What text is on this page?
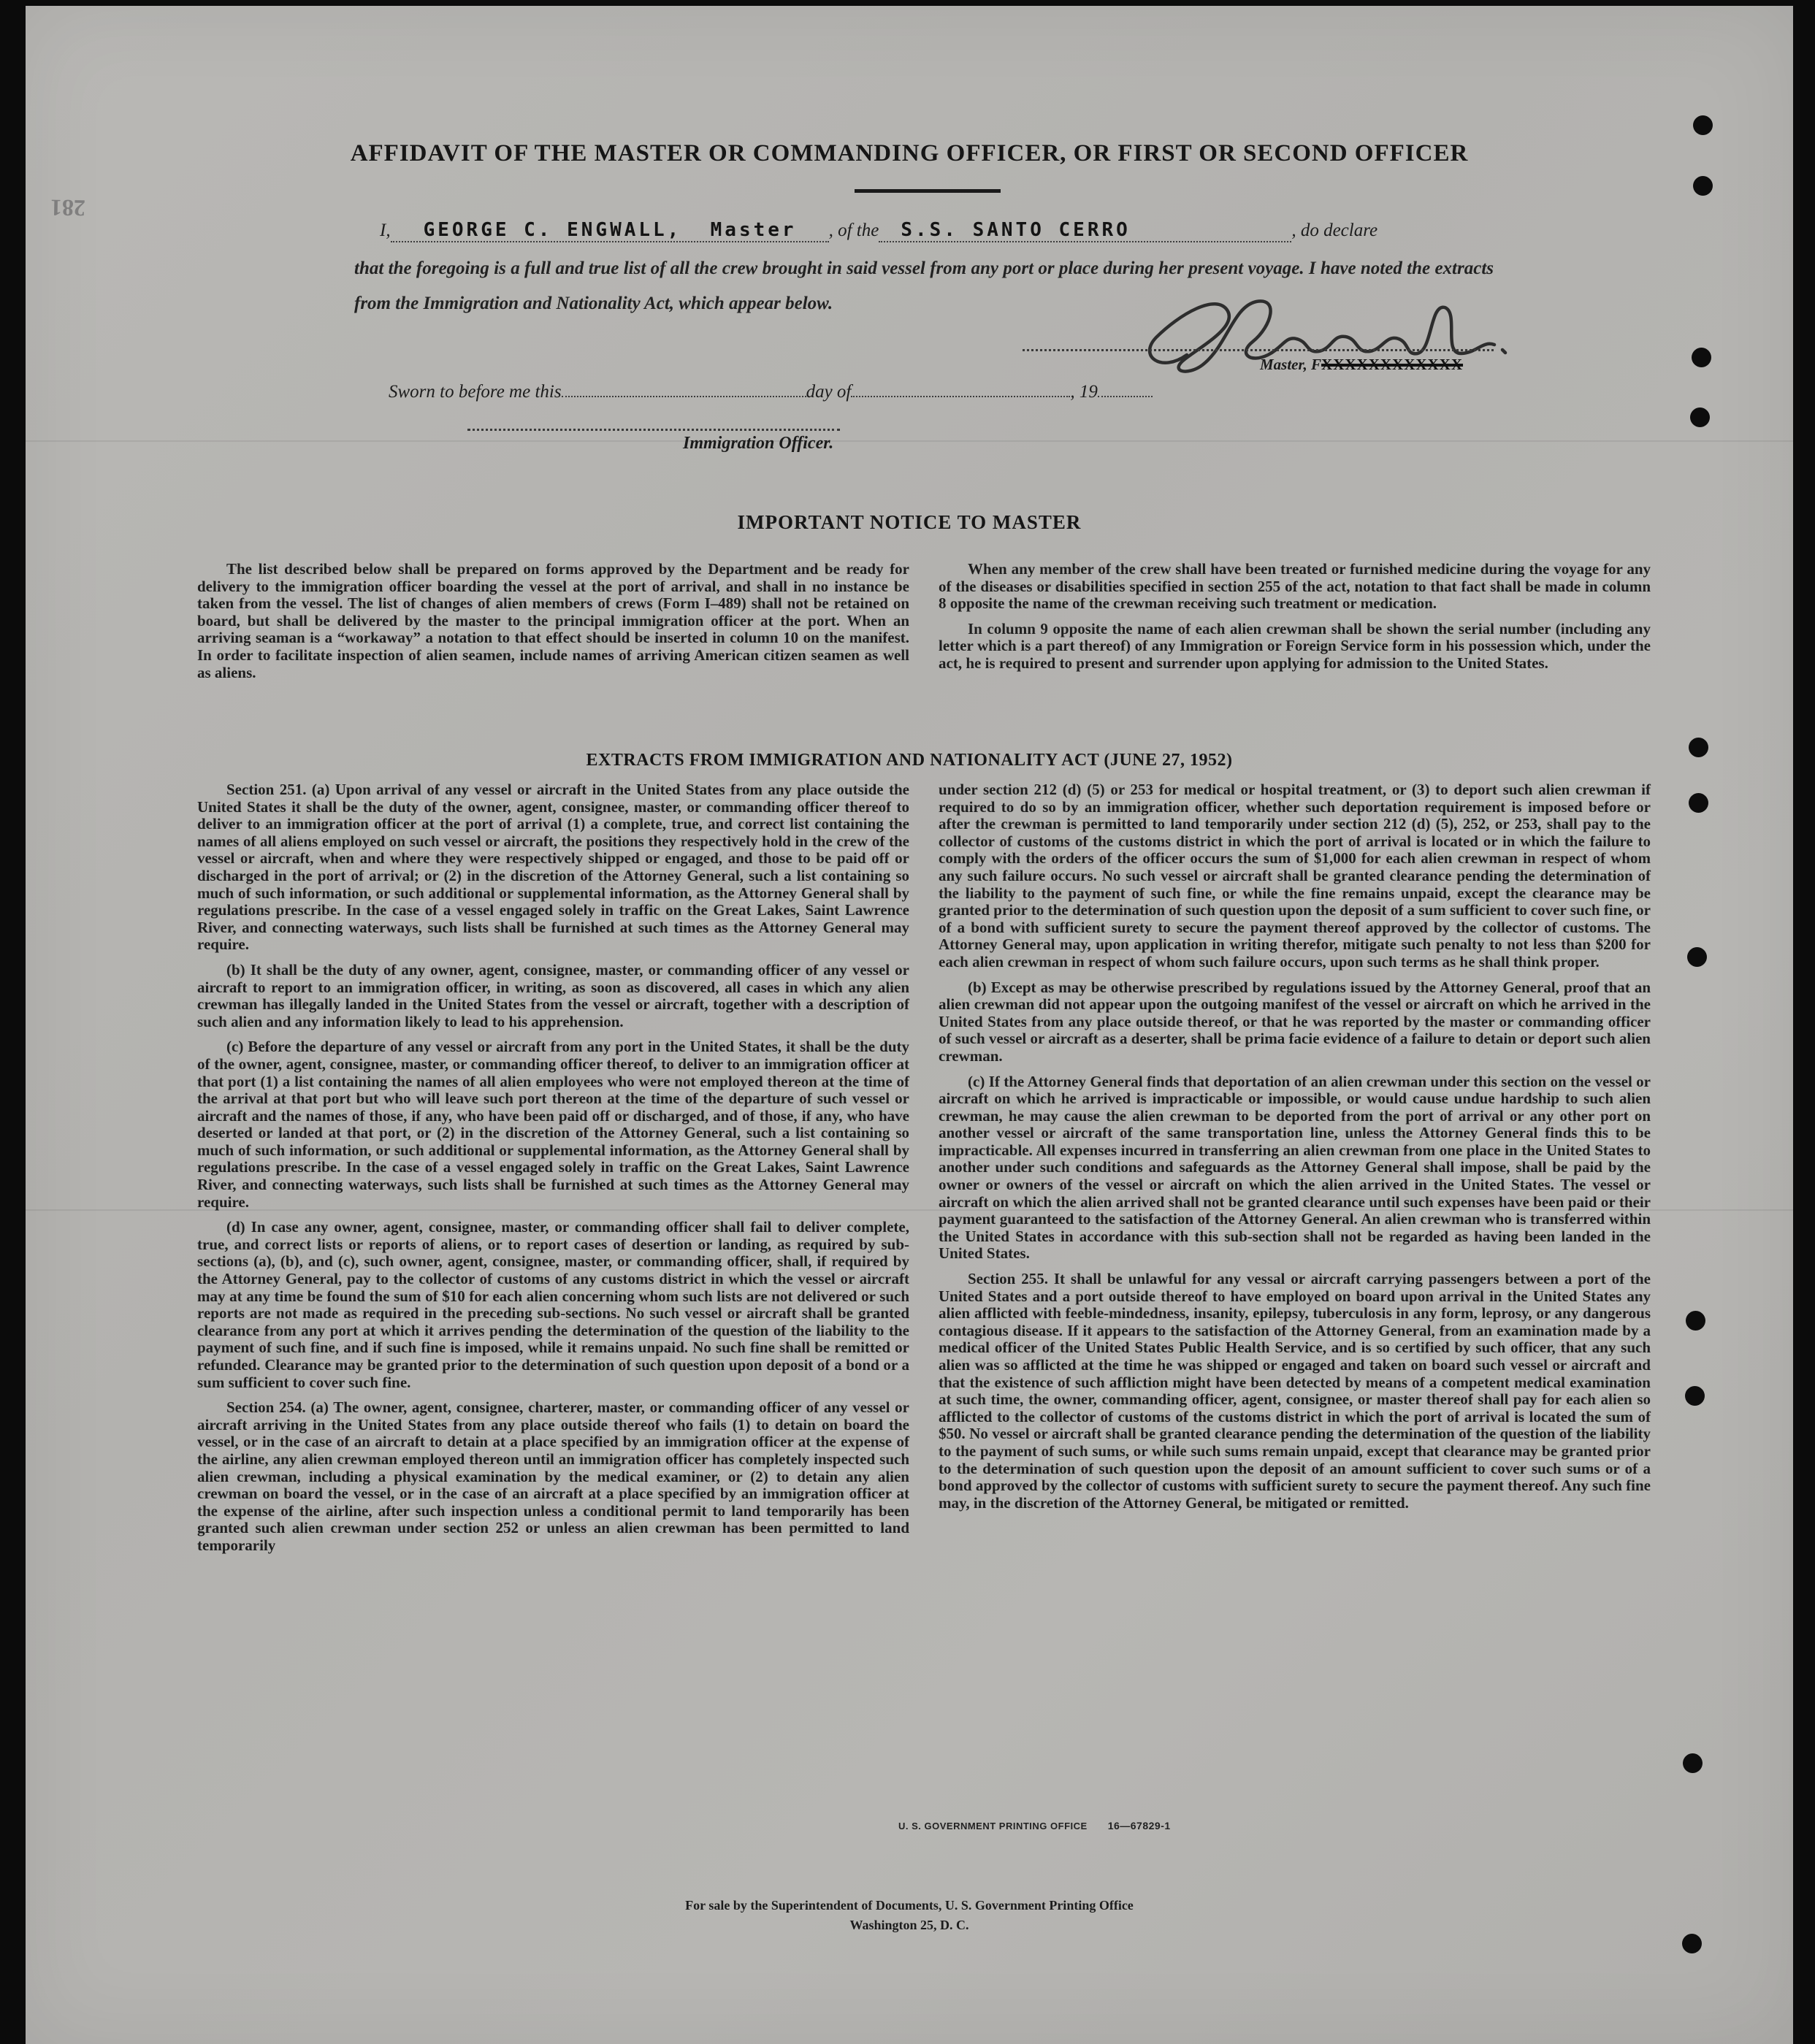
281
AFFIDAVIT OF THE MASTER OR COMMANDING OFFICER, OR FIRST OR SECOND OFFICER
I,	GEORGE C. ENGWALL,  Master	, of the	S.S. SANTO CERRO	, do declare
that the foregoing is a full and true list of all the crew brought in said vessel from any port or place during her present voyage. I have noted the extracts from the Immigration and Nationality Act, which appear below.
Master, FXXXXXXXXXXXX
Sworn to before me this	day of	, 19
Immigration Officer.
IMPORTANT NOTICE TO MASTER

The list described below shall be prepared on forms approved by the Department and be ready for delivery to the immigration officer boarding the vessel at the port of arrival, and shall in no instance be taken from the vessel. The list of changes of alien members of crews (Form I–489) shall not be retained on board, but shall be delivered by the master to the principal immigration officer at the port. When an arriving seaman is a “workaway” a notation to that effect should be inserted in column 10 on the manifest. In order to facilitate inspection of alien seamen, include names of arriving American citizen seamen as well as aliens.

When any member of the crew shall have been treated or furnished medicine during the voyage for any of the diseases or disabilities specified in section 255 of the act, notation to that fact shall be made in column 8 opposite the name of the crewman receiving such treatment or medication.

In column 9 opposite the name of each alien crewman shall be shown the serial number (including any letter which is a part thereof) of any Immigration or Foreign Service form in his possession which, under the act, he is required to present and surrender upon applying for admission to the United States.

EXTRACTS FROM IMMIGRATION AND NATIONALITY ACT (JUNE 27, 1952)

Section 251. (a) Upon arrival of any vessel or aircraft in the United States from any place outside the United States it shall be the duty of the owner, agent, consignee, master, or commanding officer thereof to deliver to an immigration officer at the port of arrival (1) a complete, true, and correct list containing the names of all aliens employed on such vessel or aircraft, the positions they respectively hold in the crew of the vessel or aircraft, when and where they were respectively shipped or engaged, and those to be paid off or discharged in the port of arrival; or (2) in the discretion of the Attorney General, such a list containing so much of such information, or such additional or supplemental information, as the Attorney General shall by regulations prescribe. In the case of a vessel engaged solely in traffic on the Great Lakes, Saint Lawrence River, and connecting waterways, such lists shall be furnished at such times as the Attorney General may require.

(b) It shall be the duty of any owner, agent, consignee, master, or commanding officer of any vessel or aircraft to report to an immigration officer, in writing, as soon as discovered, all cases in which any alien crewman has illegally landed in the United States from the vessel or aircraft, together with a description of such alien and any information likely to lead to his apprehension.

(c) Before the departure of any vessel or aircraft from any port in the United States, it shall be the duty of the owner, agent, consignee, master, or commanding officer thereof, to deliver to an immigration officer at that port (1) a list containing the names of all alien employees who were not employed thereon at the time of the arrival at that port but who will leave such port thereon at the time of the departure of such vessel or aircraft and the names of those, if any, who have been paid off or discharged, and of those, if any, who have deserted or landed at that port, or (2) in the discretion of the Attorney General, such a list containing so much of such information, or such additional or supplemental information, as the Attorney General shall by regulations prescribe. In the case of a vessel engaged solely in traffic on the Great Lakes, Saint Lawrence River, and connecting waterways, such lists shall be furnished at such times as the Attorney General may require.

(d) In case any owner, agent, consignee, master, or commanding officer shall fail to deliver complete, true, and correct lists or reports of aliens, or to report cases of desertion or landing, as required by sub-sections (a), (b), and (c), such owner, agent, consignee, master, or commanding officer, shall, if required by the Attorney General, pay to the collector of customs of any customs district in which the vessel or aircraft may at any time be found the sum of $10 for each alien concerning whom such lists are not delivered or such reports are not made as required in the preceding sub-sections. No such vessel or aircraft shall be granted clearance from any port at which it arrives pending the determination of the question of the liability to the payment of such fine, and if such fine is imposed, while it remains unpaid. No such fine shall be remitted or refunded. Clearance may be granted prior to the determination of such question upon deposit of a bond or a sum sufficient to cover such fine.

Section 254. (a) The owner, agent, consignee, charterer, master, or commanding officer of any vessel or aircraft arriving in the United States from any place outside thereof who fails (1) to detain on board the vessel, or in the case of an aircraft to detain at a place specified by an immigration officer at the expense of the airline, any alien crewman employed thereon until an immigration officer has completely inspected such alien crewman, including a physical examination by the medical examiner, or (2) to detain any alien crewman on board the vessel, or in the case of an aircraft at a place specified by an immigration officer at the expense of the airline, after such inspection unless a conditional permit to land temporarily has been granted such alien crewman under section 252 or unless an alien crewman has been permitted to land temporarily

under section 212 (d) (5) or 253 for medical or hospital treatment, or (3) to deport such alien crewman if required to do so by an immigration officer, whether such deportation requirement is imposed before or after the crewman is permitted to land temporarily under section 212 (d) (5), 252, or 253, shall pay to the collector of customs of the customs district in which the port of arrival is located or in which the failure to comply with the orders of the officer occurs the sum of $1,000 for each alien crewman in respect of whom any such failure occurs. No such vessel or aircraft shall be granted clearance pending the determination of the liability to the payment of such fine, or while the fine remains unpaid, except the clearance may be granted prior to the determination of such question upon the deposit of a sum sufficient to cover such fine, or of a bond with sufficient surety to secure the payment thereof approved by the collector of customs. The Attorney General may, upon application in writing therefor, mitigate such penalty to not less than $200 for each alien crewman in respect of whom such failure occurs, upon such terms as he shall think proper.

(b) Except as may be otherwise prescribed by regulations issued by the Attorney General, proof that an alien crewman did not appear upon the outgoing manifest of the vessel or aircraft on which he arrived in the United States from any place outside thereof, or that he was reported by the master or commanding officer of such vessel or aircraft as a deserter, shall be prima facie evidence of a failure to detain or deport such alien crewman.

(c) If the Attorney General finds that deportation of an alien crewman under this section on the vessel or aircraft on which he arrived is impracticable or impossible, or would cause undue hardship to such alien crewman, he may cause the alien crewman to be deported from the port of arrival or any other port on another vessel or aircraft of the same transportation line, unless the Attorney General finds this to be impracticable. All expenses incurred in transferring an alien crewman from one place in the United States to another under such conditions and safeguards as the Attorney General shall impose, shall be paid by the owner or owners of the vessel or aircraft on which the alien arrived in the United States. The vessel or aircraft on which the alien arrived shall not be granted clearance until such expenses have been paid or their payment guaranteed to the satisfaction of the Attorney General. An alien crewman who is transferred within the United States in accordance with this sub-section shall not be regarded as having been landed in the United States.

Section 255. It shall be unlawful for any vessal or aircraft carrying passengers between a port of the United States and a port outside thereof to have employed on board upon arrival in the United States any alien afflicted with feeble-mindedness, insanity, epilepsy, tuberculosis in any form, leprosy, or any dangerous contagious disease. If it appears to the satisfaction of the Attorney General, from an examination made by a medical officer of the United States Public Health Service, and is so certified by such officer, that any such alien was so afflicted at the time he was shipped or engaged and taken on board such vessel or aircraft and that the existence of such affliction might have been detected by means of a competent medical examination at such time, the owner, commanding officer, agent, consignee, or master thereof shall pay for each alien so afflicted to the collector of customs of the customs district in which the port of arrival is located the sum of $50. No vessel or aircraft shall be granted clearance pending the determination of the question of the liability to the payment of such sums, or while such sums remain unpaid, except that clearance may be granted prior to the determination of such question upon the deposit of an amount sufficient to cover such sums or of a bond approved by the collector of customs with sufficient surety to secure the payment thereof. Any such fine may, in the discretion of the Attorney General, be mitigated or remitted.

U. S. GOVERNMENT PRINTING OFFICE 16—67829-1
For sale by the Superintendent of Documents, U. S. Government Printing Office
Washington 25, D. C.
